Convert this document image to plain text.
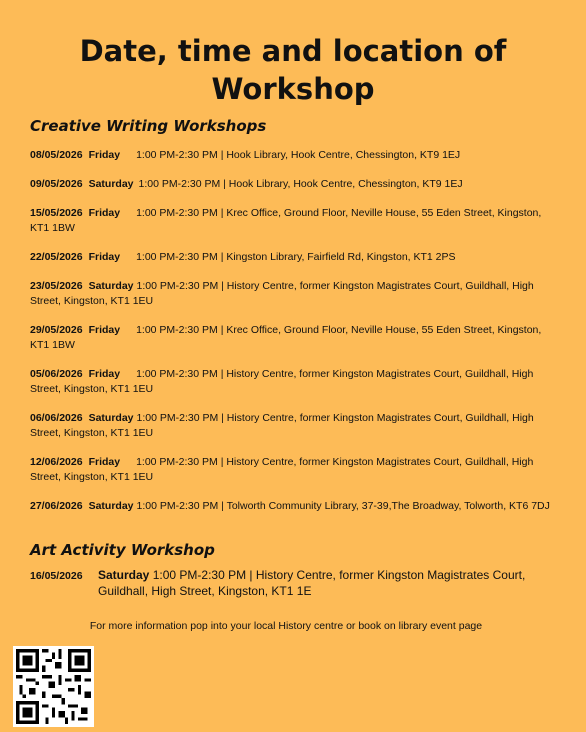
Date, time and location of
Workshop
Creative Writing Workshops
08/05/2026 Friday 1:00 PM-2:30 PM | Hook Library, Hook Centre, Chessington, KT9 1EJ
09/05/2026 Saturday 1:00 PM-2:30 PM | Hook Library, Hook Centre, Chessington, KT9 1EJ
15/05/2026 Friday 1:00 PM-2:30 PM | Krec Office, Ground Floor, Neville House, 55 Eden Street, Kingston, KT1 1BW
22/05/2026 Friday 1:00 PM-2:30 PM | Kingston Library, Fairfield Rd, Kingston, KT1 2PS
23/05/2026 Saturday 1:00 PM-2:30 PM | History Centre, former Kingston Magistrates Court, Guildhall, High Street, Kingston, KT1 1EU
29/05/2026 Friday 1:00 PM-2:30 PM | Krec Office, Ground Floor, Neville House, 55 Eden Street, Kingston, KT1 1BW
05/06/2026 Friday 1:00 PM-2:30 PM | History Centre, former Kingston Magistrates Court, Guildhall, High Street, Kingston, KT1 1EU
06/06/2026 Saturday 1:00 PM-2:30 PM | History Centre, former Kingston Magistrates Court, Guildhall, High Street, Kingston, KT1 1EU
12/06/2026 Friday 1:00 PM-2:30 PM | History Centre, former Kingston Magistrates Court, Guildhall, High Street, Kingston, KT1 1EU
27/06/2026 Saturday 1:00 PM-2:30 PM | Tolworth Community Library, 37-39,The Broadway, Tolworth, KT6 7DJ
Art Activity Workshop
16/05/2026 Saturday 1:00 PM-2:30 PM | History Centre, former Kingston Magistrates Court, Guildhall, High Street, Kingston, KT1 1E
For more information pop into your local History centre or book on library event page
